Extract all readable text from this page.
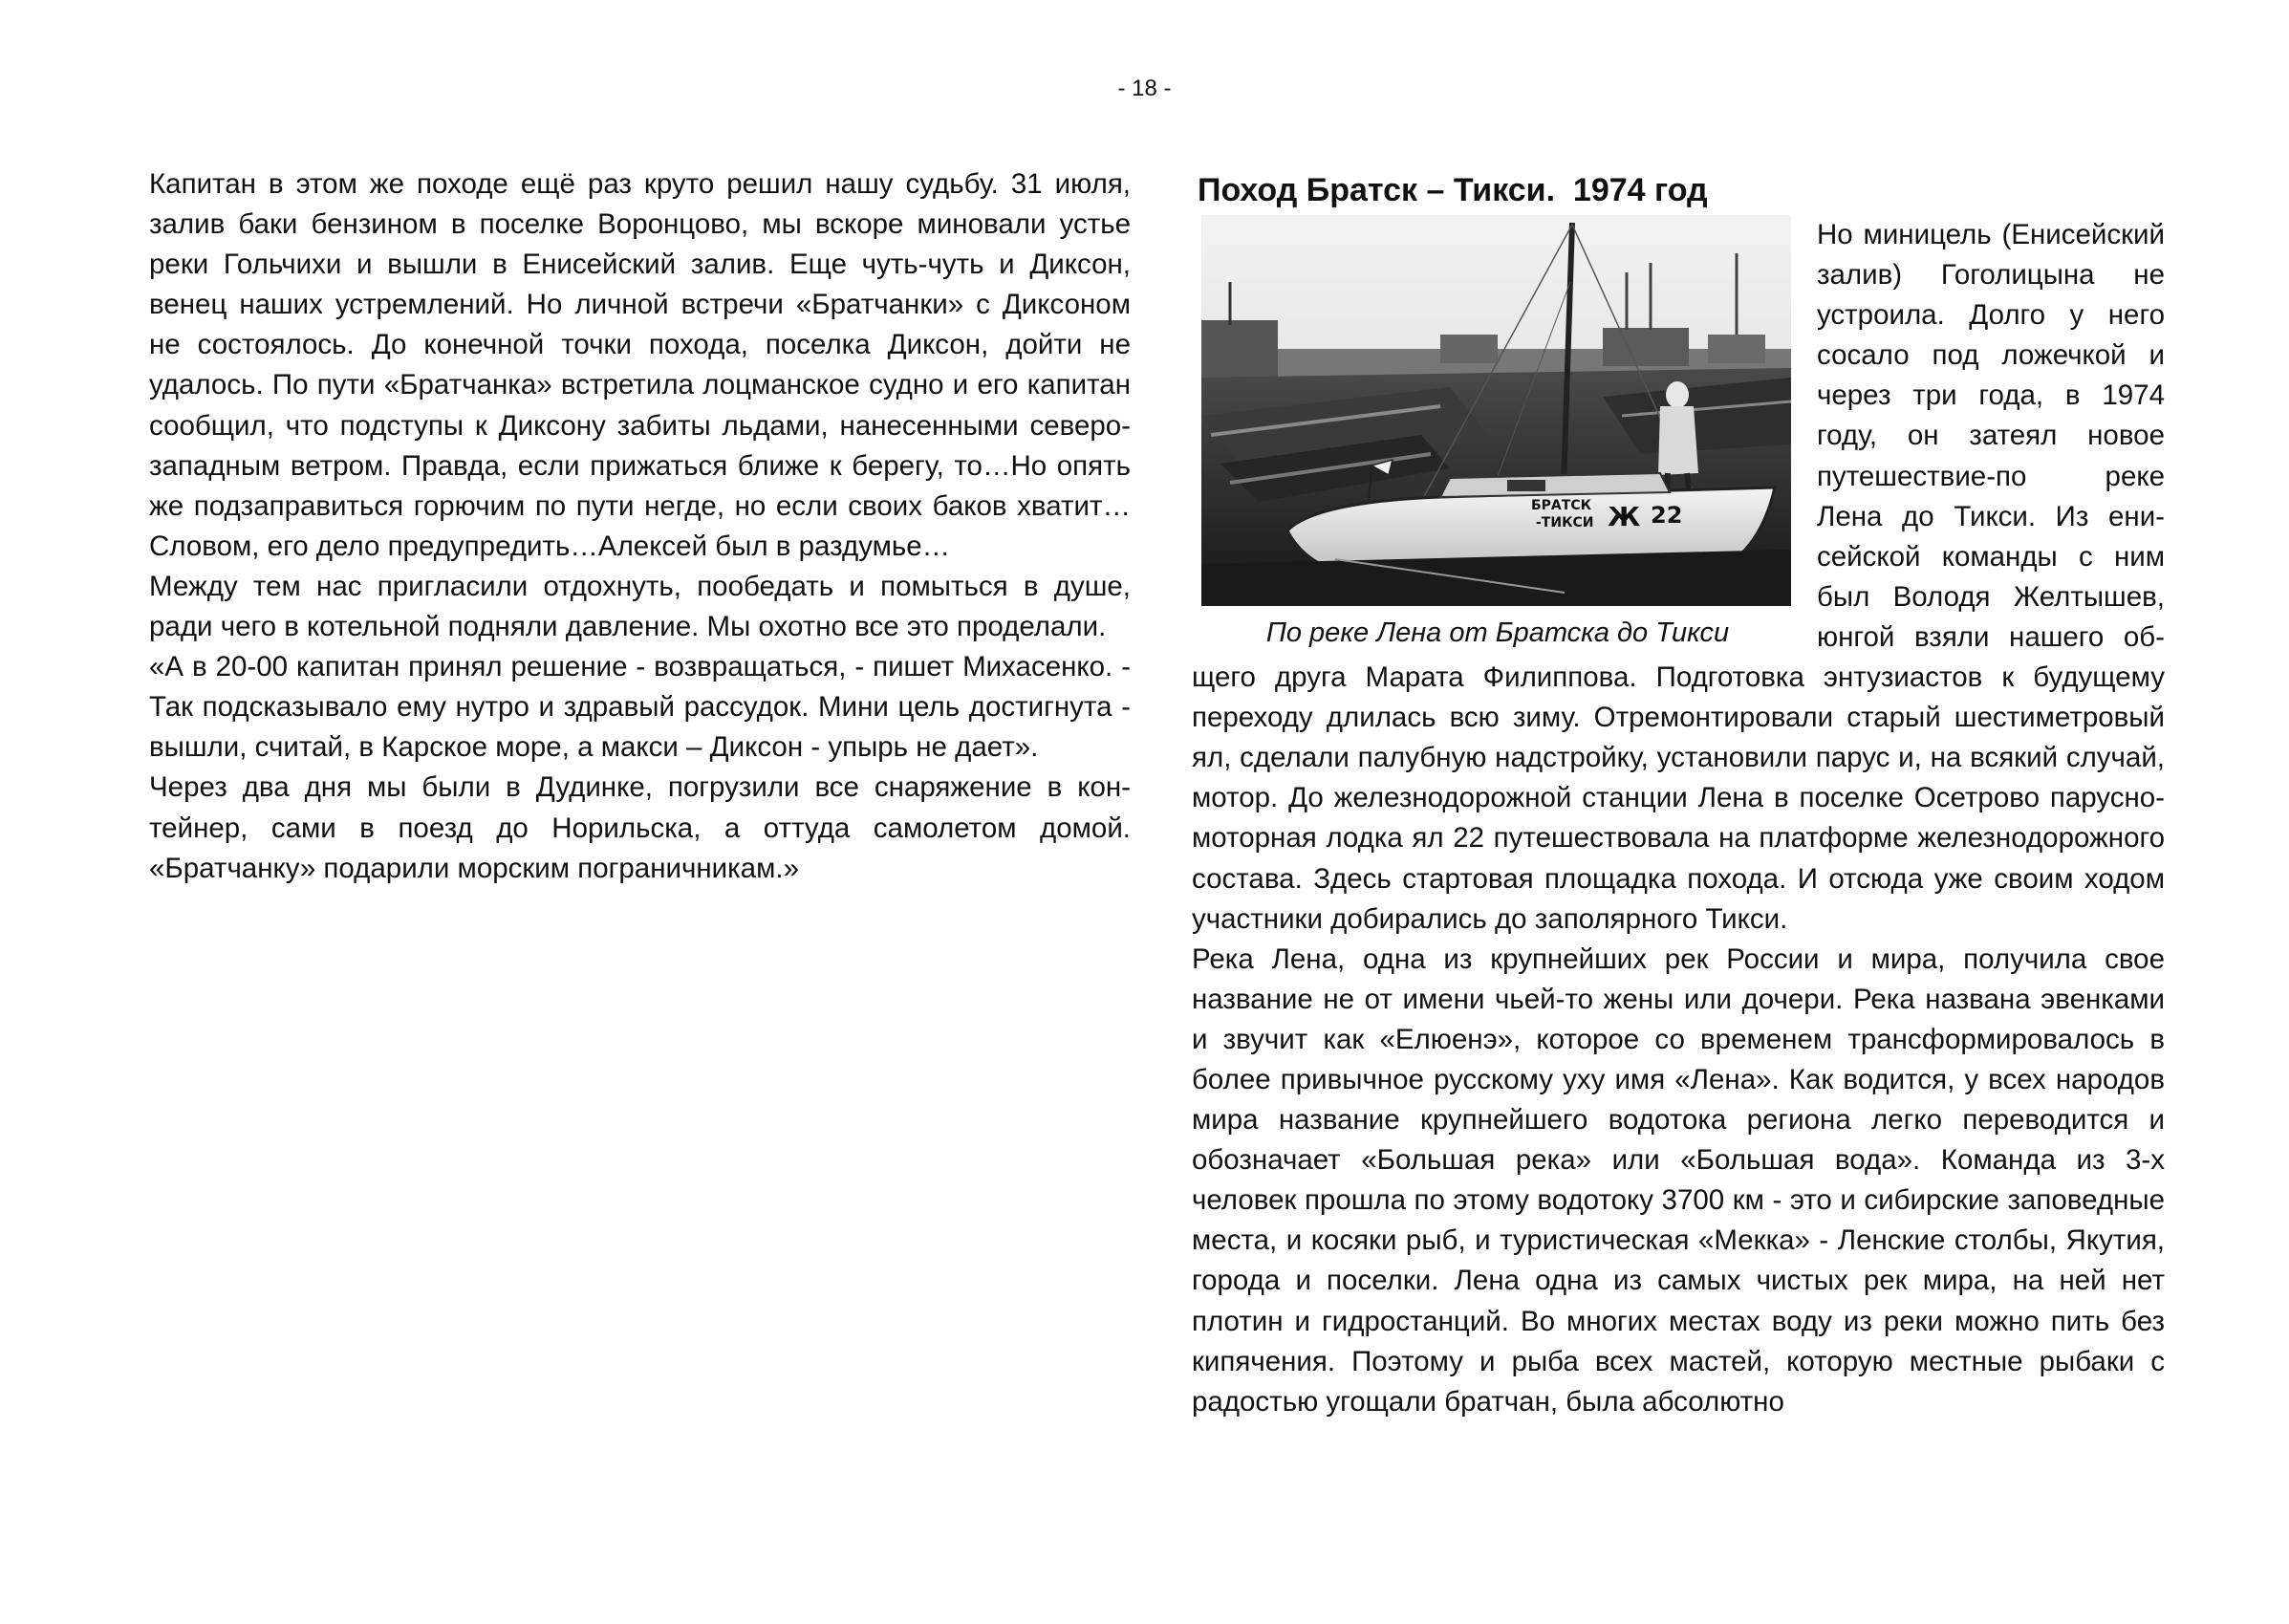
- 18 -

Капитан в этом же походе ещё раз круто решил нашу судьбу. 31 июля, залив баки бензином в поселке Воронцово, мы вскоре миновали устье реки Гольчихи и вышли в Енисейский залив. Еще чуть-чуть и Диксон, венец наших устремлений. Но личной встречи «Братчанки» с Диксоном не состоялось. До конечной точки похода, поселка Диксон, дойти не удалось. По пути «Братчанка» встретила лоцманское судно и его капитан сообщил, что подступы к Диксону забиты льдами, нанесенными северо-западным ветром. Правда, если прижаться ближе к берегу, то…Но опять же подзаправиться горючим по пути негде, но если своих баков хватит… Словом, его дело предупредить…Алексей был в раздумье…

Между тем нас пригласили отдохнуть, пообедать и помыться в душе, ради чего в котельной подняли давление. Мы охотно все это проделали.

«А в 20-00 капитан принял решение - возвращаться, - пишет Михасенко. - Так подсказывало ему нутро и здравый рассудок. Мини цель достигнута - вышли, считай, в Карское море, а макси – Диксон - упырь не дает».

Через два дня мы были в Дудинке, погрузили все снаряжение в контейнер, сами в поезд до Норильска, а оттуда самолетом домой. «Братчанку» подарили морским пограничникам.»

Поход Братск – Тикси.  1974 год
БРАТСК
-ТИКСИ Ж 22
По реке Лена от Братска до Тикси

Но миницель (Енисейский залив) Гоголицына не устроила. Долго у него сосало под ложечкой и через три года, в 1974 году, он затеял новое путешествие-по реке Лена до Тикси. Из енисейской команды с ним был Володя Желтышев, юнгой взяли нашего общего друга Марата Филиппова. Подготовка энтузиастов к будущему переходу длилась всю зиму. Отремонтировали старый шестиметровый ял, сделали палубную надстройку, установили парус и, на всякий случай, мотор. До железнодорожной станции Лена в поселке Осетрово парусно-моторная лодка ял 22 путешествовала на платформе железнодорожного состава. Здесь стартовая площадка похода. И отсюда уже своим ходом участники добирались до заполярного Тикси.

Река Лена, одна из крупнейших рек России и мира, получила свое название не от имени чьей-то жены или дочери. Река названа эвенками и звучит как «Елюенэ», которое со временем трансформировалось в более привычное русскому уху имя «Лена». Как водится, у всех народов мира название крупнейшего водотока региона легко переводится и обозначает «Большая река» или «Большая вода». Команда из 3-х человек прошла по этому водотоку 3700 км - это и сибирские заповедные места, и косяки рыб, и туристическая «Мекка» - Ленские столбы, Якутия, города и поселки. Лена одна из самых чистых рек мира, на ней нет плотин и гидростанций. Во многих местах воду из реки можно пить без кипячения. Поэтому и рыба всех мастей, которую местные рыбаки с радостью угощали братчан, была абсолютно
